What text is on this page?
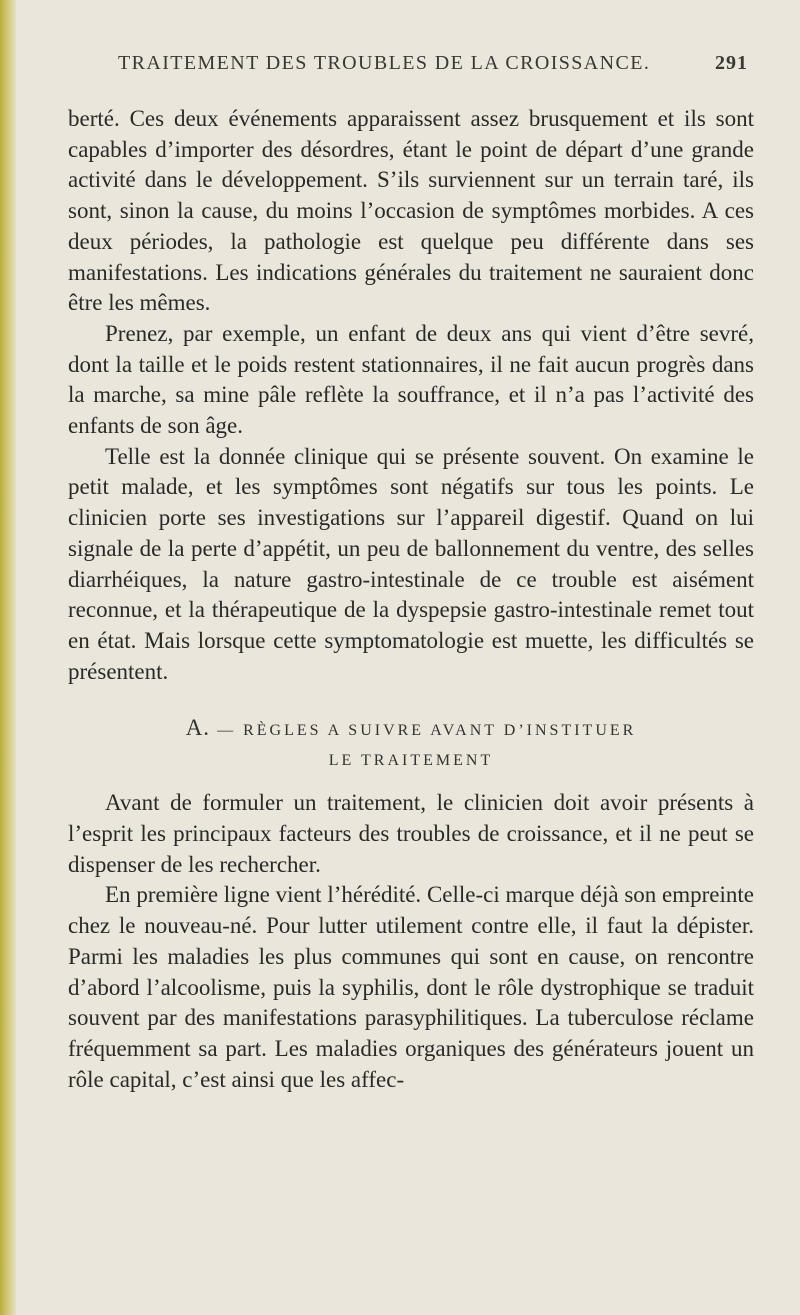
TRAITEMENT DES TROUBLES DE LA CROISSANCE.	291

berté. Ces deux événements apparaissent assez brusquement et ils sont capables d’importer des désordres, étant le point de départ d’une grande activité dans le développement. S’ils surviennent sur un terrain taré, ils sont, sinon la cause, du moins l’occasion de symptômes morbides. A ces deux périodes, la pathologie est quelque peu différente dans ses manifestations. Les indications générales du traitement ne sauraient donc être les mêmes.

Prenez, par exemple, un enfant de deux ans qui vient d’être sevré, dont la taille et le poids restent stationnaires, il ne fait aucun progrès dans la marche, sa mine pâle reflète la souffrance, et il n’a pas l’activité des enfants de son âge.

Telle est la donnée clinique qui se présente souvent. On examine le petit malade, et les symptômes sont négatifs sur tous les points. Le clinicien porte ses investigations sur l’appareil digestif. Quand on lui signale de la perte d’appétit, un peu de ballonnement du ventre, des selles diarrhéiques, la nature gastro-intestinale de ce trouble est aisément reconnue, et la thérapeutique de la dyspepsie gastro-intestinale remet tout en état. Mais lorsque cette symptomatologie est muette, les difficultés se présentent.

A. — RÈGLES A SUIVRE AVANT D’INSTITUER
LE TRAITEMENT

Avant de formuler un traitement, le clinicien doit avoir présents à l’esprit les principaux facteurs des troubles de croissance, et il ne peut se dispenser de les rechercher.

En première ligne vient l’hérédité. Celle-ci marque déjà son empreinte chez le nouveau-né. Pour lutter utilement contre elle, il faut la dépister. Parmi les maladies les plus communes qui sont en cause, on rencontre d’abord l’alcoolisme, puis la syphilis, dont le rôle dystrophique se traduit souvent par des manifestations parasyphilitiques. La tuberculose réclame fréquemment sa part. Les maladies organiques des générateurs jouent un rôle capital, c’est ainsi que les affec-
